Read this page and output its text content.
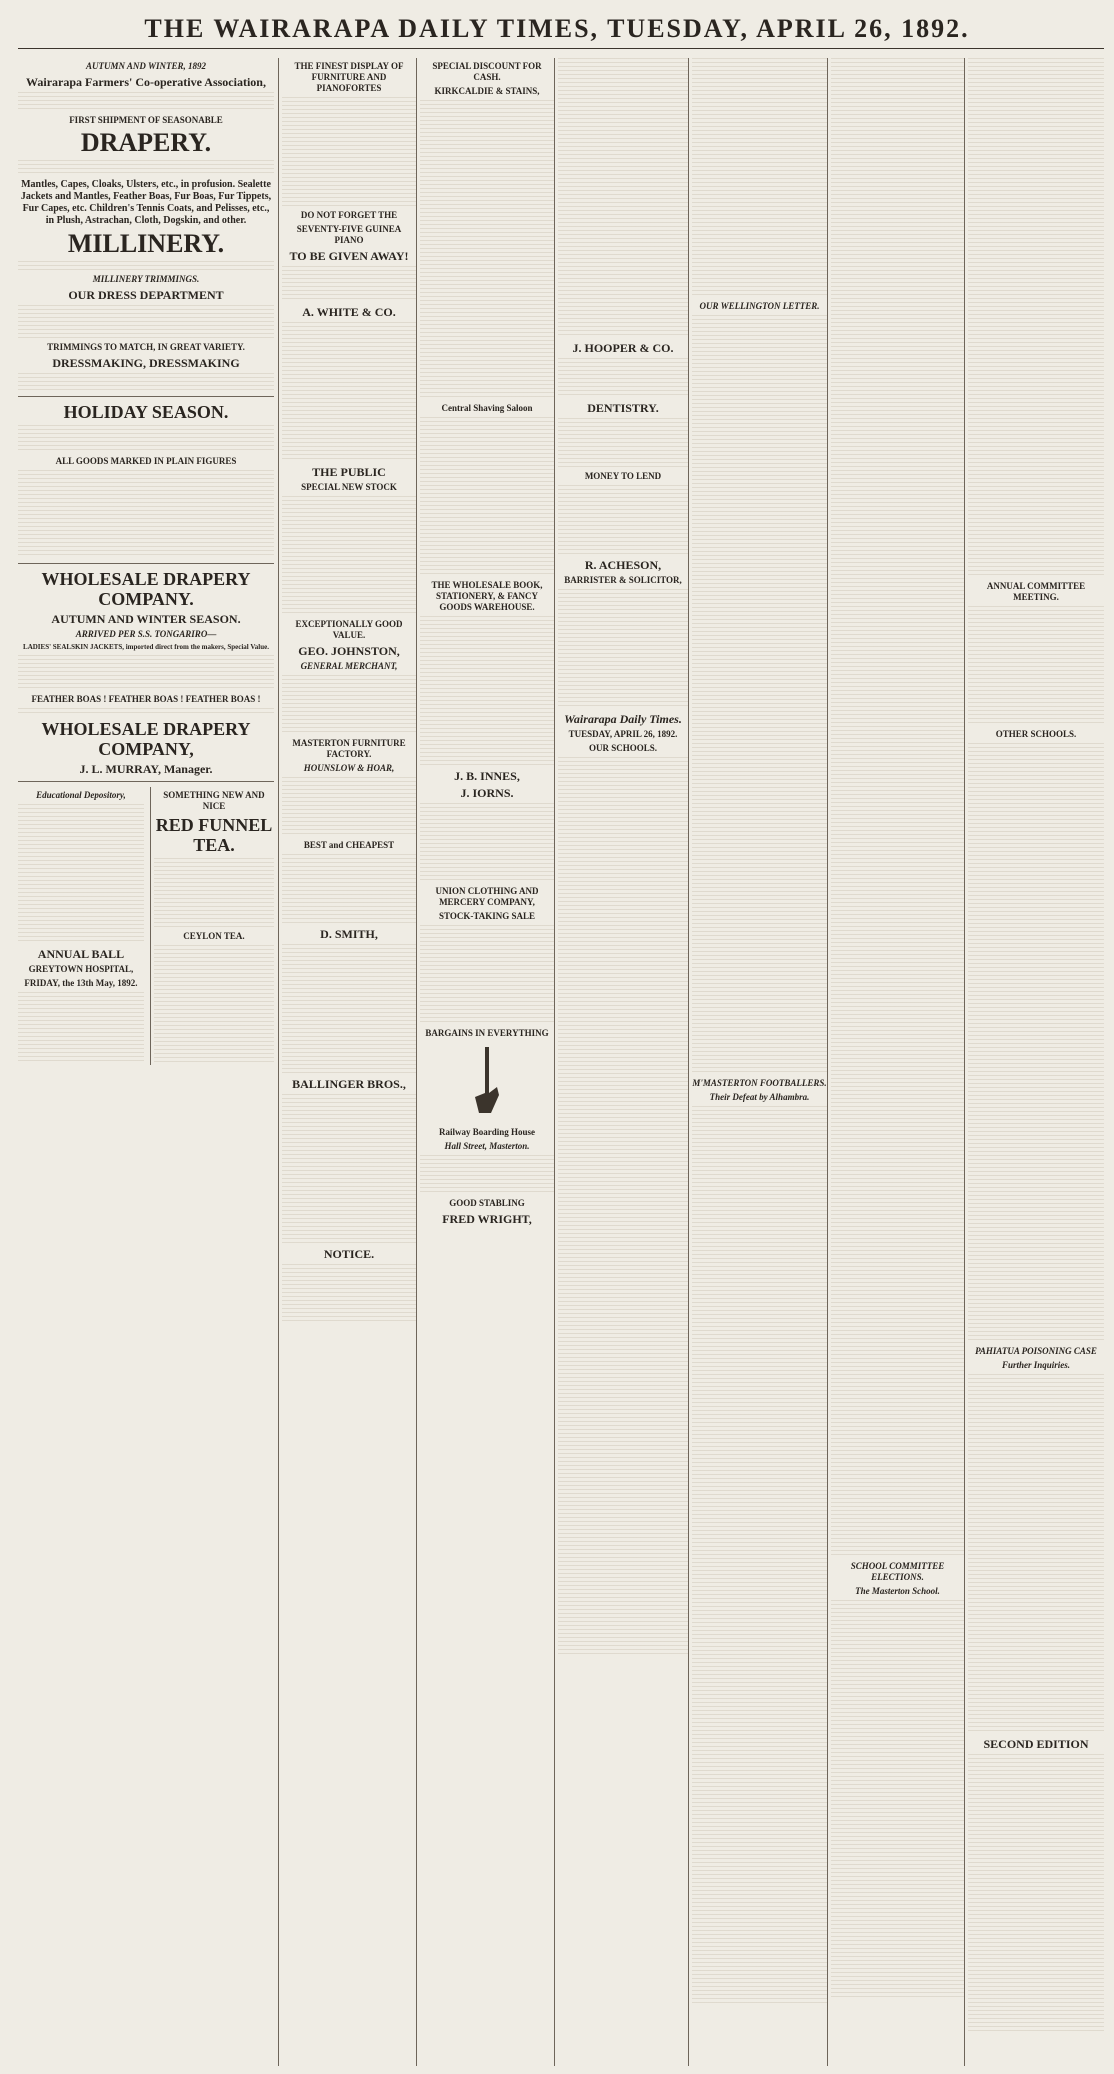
THE WAIRARAPA DAILY TIMES, TUESDAY, APRIL 26, 1892.
AUTUMN AND WINTER, 1892
Wairarapa Farmers' Co-operative Association,
FIRST SHIPMENT OF SEASONABLE
DRAPERY.
Mantles, Capes, Cloaks, Ulsters, etc., in profusion. Sealette Jackets and Mantles, Feather Boas, Fur Boas, Fur Tippets, Fur Capes, etc. Children's Tennis Coats, and Pelisses, etc., in Plush, Astrachan, Cloth, Dogskin, and other.
MILLINERY.
MILLINERY TRIMMINGS.
OUR DRESS DEPARTMENT
TRIMMINGS TO MATCH, IN GREAT VARIETY.
DRESSMAKING, DRESSMAKING
HOLIDAY SEASON.
ALL GOODS MARKED IN PLAIN FIGURES
WHOLESALE DRAPERY COMPANY.
AUTUMN AND WINTER SEASON.
ARRIVED PER S.S. TONGARIRO—
LADIES' SEALSKIN JACKETS, imported direct from the makers, Special Value.
FEATHER BOAS ! FEATHER BOAS ! FEATHER BOAS !
WHOLESALE DRAPERY COMPANY,
J. L. MURRAY, Manager.
Educational Depository,
ANNUAL BALL
GREYTOWN HOSPITAL,
FRIDAY, the 13th May, 1892.
SOMETHING NEW AND NICE
RED FUNNEL TEA.
CEYLON TEA.
THE FINEST DISPLAY OF FURNITURE AND PIANOFORTES
DO NOT FORGET THE
SEVENTY-FIVE GUINEA PIANO
TO BE GIVEN AWAY!
A. WHITE & CO.
THE PUBLIC
SPECIAL NEW STOCK
EXCEPTIONALLY GOOD VALUE.
GEO. JOHNSTON,
GENERAL MERCHANT,
MASTERTON FURNITURE FACTORY.
HOUNSLOW & HOAR,
BEST and CHEAPEST
D. SMITH,
BALLINGER BROS.,
NOTICE.
SPECIAL DISCOUNT FOR CASH.
KIRKCALDIE & STAINS,
Central Shaving Saloon
THE WHOLESALE BOOK, STATIONERY, & FANCY GOODS WAREHOUSE.
J. B. INNES,
J. IORNS.
UNION CLOTHING AND MERCERY COMPANY,
STOCK-TAKING SALE
BARGAINS IN EVERYTHING
Railway Boarding House
Hall Street, Masterton.
GOOD STABLING
FRED WRIGHT,
J. HOOPER & CO.
DENTISTRY.
MONEY TO LEND
R. ACHESON,
BARRISTER & SOLICITOR,
Wairarapa Daily Times.
TUESDAY, APRIL 26, 1892.
OUR SCHOOLS.
OUR WELLINGTON LETTER.
M'MASTERTON FOOTBALLERS.
Their Defeat by Alhambra.
SCHOOL COMMITTEE ELECTIONS.
The Masterton School.
ANNUAL COMMITTEE MEETING.
OTHER SCHOOLS.
PAHIATUA POISONING CASE
Further Inquiries.
SECOND EDITION
